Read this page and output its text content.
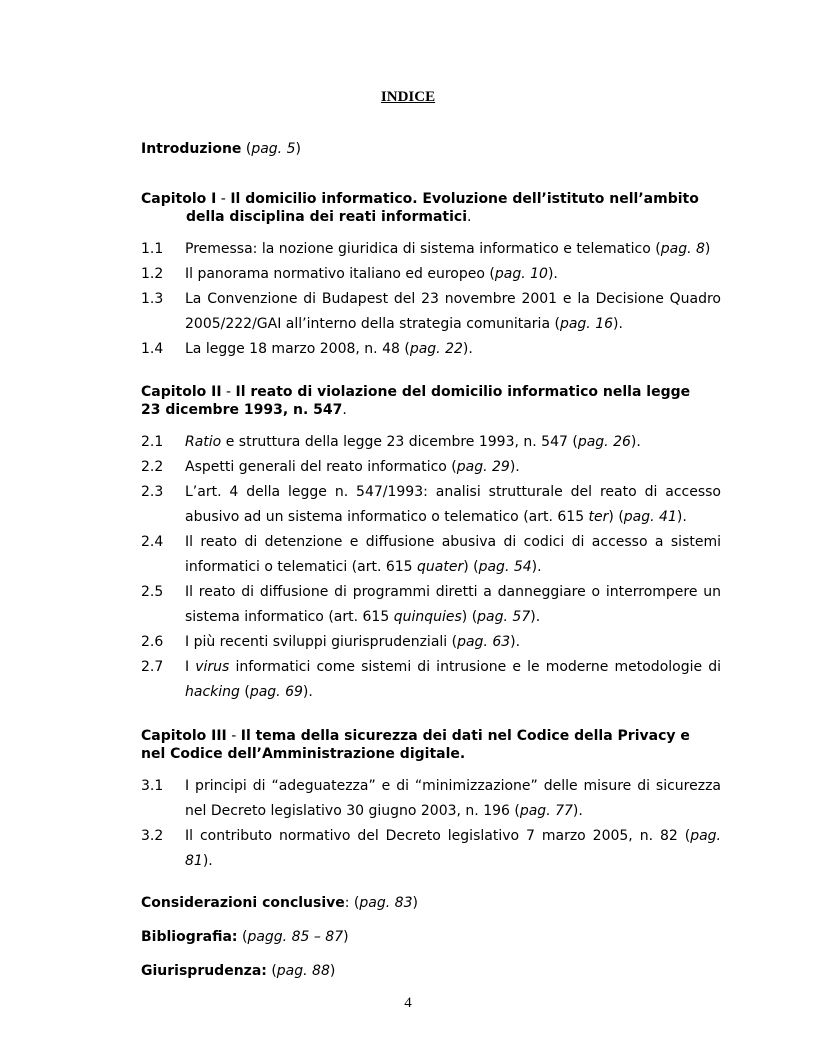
INDICE
Introduzione (pag. 5)
Capitolo I - Il domicilio informatico. Evoluzione dell’istituto nell’ambito
della disciplina dei reati informatici.
1.1	Premessa: la nozione giuridica di sistema informatico e telematico (pag. 8)
1.2	Il panorama normativo italiano ed europeo (pag. 10).
1.3	La Convenzione di Budapest del 23 novembre 2001 e la Decisione Quadro 2005/222/GAI all’interno della strategia comunitaria (pag. 16).
1.4	La legge 18 marzo 2008, n. 48 (pag. 22).
Capitolo II - Il reato di violazione del domicilio informatico nella legge
23 dicembre 1993, n. 547.
2.1	Ratio e struttura della legge 23 dicembre 1993, n. 547 (pag. 26).
2.2	Aspetti generali del reato informatico (pag. 29).
2.3	L’art. 4 della legge n. 547/1993: analisi strutturale del reato di accesso abusivo ad un sistema informatico o telematico (art. 615 ter) (pag. 41).
2.4	Il reato di detenzione e diffusione abusiva di codici di accesso a sistemi informatici o telematici (art. 615 quater) (pag. 54).
2.5	Il reato di diffusione di programmi diretti a danneggiare o interrompere un sistema informatico (art. 615 quinquies) (pag. 57).
2.6	I più recenti sviluppi giurisprudenziali (pag. 63).
2.7	I virus informatici come sistemi di intrusione e le moderne metodologie di hacking (pag. 69).
Capitolo III - Il tema della sicurezza dei dati nel Codice della Privacy e
nel Codice dell’Amministrazione digitale.
3.1	I principi di “adeguatezza” e di “minimizzazione” delle misure di sicurezza nel Decreto legislativo 30 giugno 2003, n. 196 (pag. 77).
3.2	Il contributo normativo del Decreto legislativo 7 marzo 2005, n. 82 (pag. 81).
Considerazioni conclusive: (pag. 83)
Bibliografia: (pagg. 85 – 87)
Giurisprudenza: (pag. 88)
4
